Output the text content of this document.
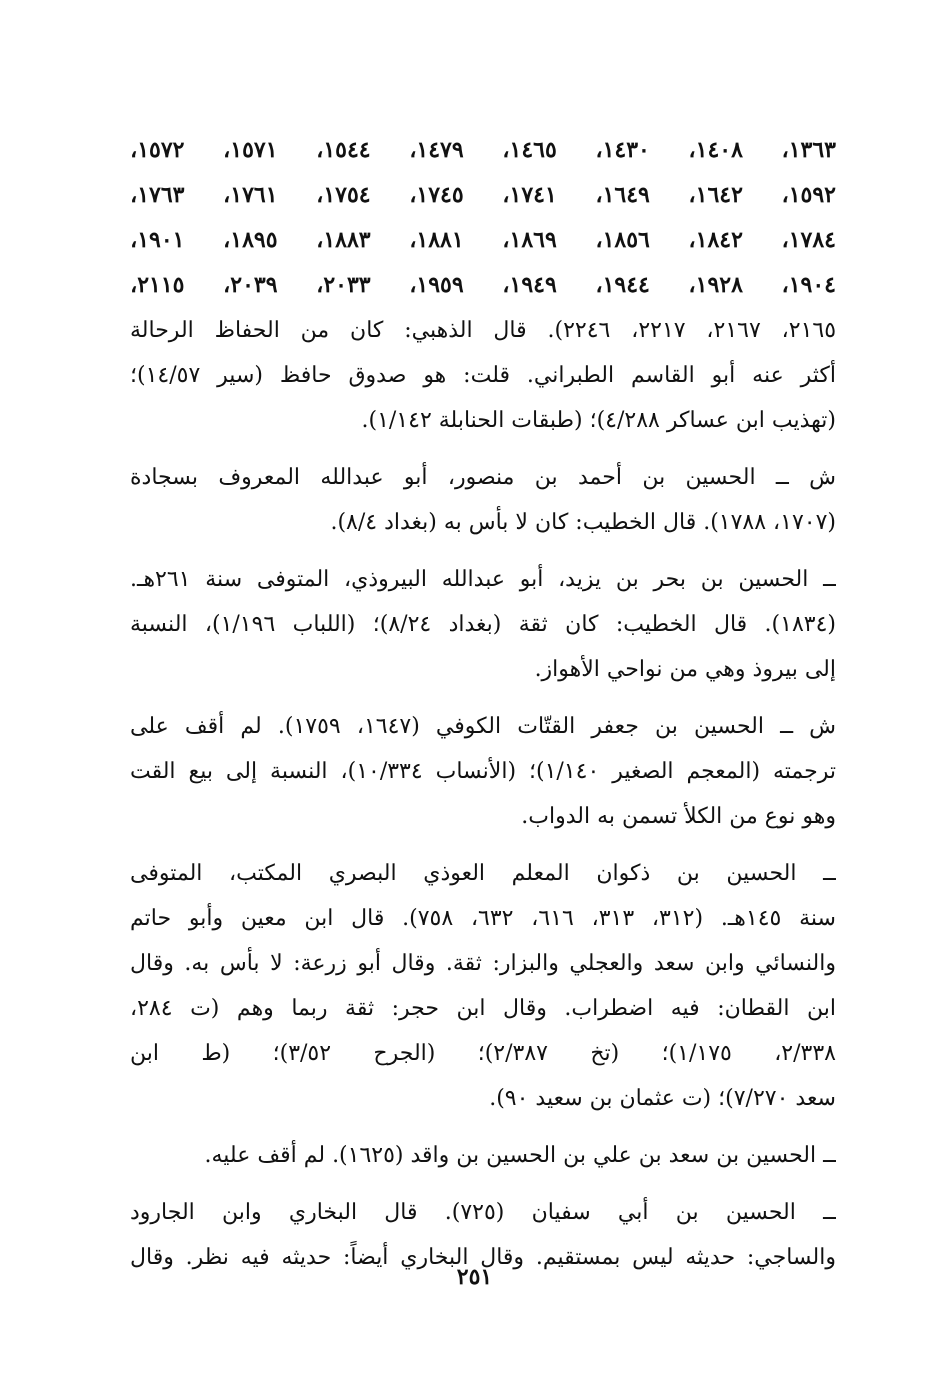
١٣٦٣،
١٤٠٨،
١٤٣٠،
١٤٦٥،
١٤٧٩،
١٥٤٤،
١٥٧١،
١٥٧٢،
١٥٩٢،
١٦٤٢،
١٦٤٩،
١٧٤١،
١٧٤٥،
١٧٥٤،
١٧٦١،
١٧٦٣،
١٧٨٤،
١٨٤٢،
١٨٥٦،
١٨٦٩،
١٨٨١،
١٨٨٣،
١٨٩٥،
١٩٠١،
١٩٠٤،
١٩٢٨،
١٩٤٤،
١٩٤٩،
١٩٥٩،
٢٠٣٣،
٢٠٣٩،
٢١١٥،
٢١٦٥، ٢١٦٧، ٢٢١٧، ٢٢٤٦). قال الذهبي: كان من الحفاظ الرحالة
أكثر عنه أبو القاسم الطبراني. قلت: هو صدوق حافظ (سير ١٤/٥٧)؛
(تهذيب ابن عساكر ٤/٢٨٨)؛ (طبقات الحنابلة ١/١٤٢).
ش ــ الحسين بن أحمد بن منصور، أبو عبدالله المعروف بسجادة
(١٧٠٧، ١٧٨٨). قال الخطيب: كان لا بأس به (بغداد ٨/٤).
ــ الحسين بن بحر بن يزيد، أبو عبدالله البيروذي، المتوفى سنة ٢٦١هـ.
(١٨٣٤). قال الخطيب: كان ثقة (بغداد ٨/٢٤)؛ (اللباب ١/١٩٦)، النسبة
إلى بيروذ وهي من نواحي الأهواز.
ش ــ الحسين بن جعفر القتّات الكوفي (١٦٤٧، ١٧٥٩). لم أقف على
ترجمته (المعجم الصغير ١/١٤٠)؛ (الأنساب ١٠/٣٣٤)، النسبة إلى بيع القت
وهو نوع من الكلأ تسمن به الدواب.
ــ الحسين بن ذكوان المعلم العوذي البصري المكتب، المتوفى
سنة ١٤٥هـ. (٣١٢، ٣١٣، ٦١٦، ٦٣٢، ٧٥٨). قال ابن معين وأبو حاتم
والنسائي وابن سعد والعجلي والبزار: ثقة. وقال أبو زرعة: لا بأس به. وقال
ابن القطان: فيه اضطراب. وقال ابن حجر: ثقة ربما وهم (ت ٢٨٤،
٢/٣٣٨، ١/١٧٥)؛ (تخ ٢/٣٨٧)؛ (الجرح ٣/٥٢)؛ (ط ابن
سعد ٧/٢٧٠)؛ (ت عثمان بن سعيد ٩٠).
ــ الحسين بن سعد بن علي بن الحسين بن واقد (١٦٢٥). لم أقف عليه.
ــ الحسين بن أبي سفيان (٧٢٥). قال البخاري وابن الجارود
والساجي: حديثه ليس بمستقيم. وقال البخاري أيضاً: حديثه فيه نظر. وقال
٢٥١
